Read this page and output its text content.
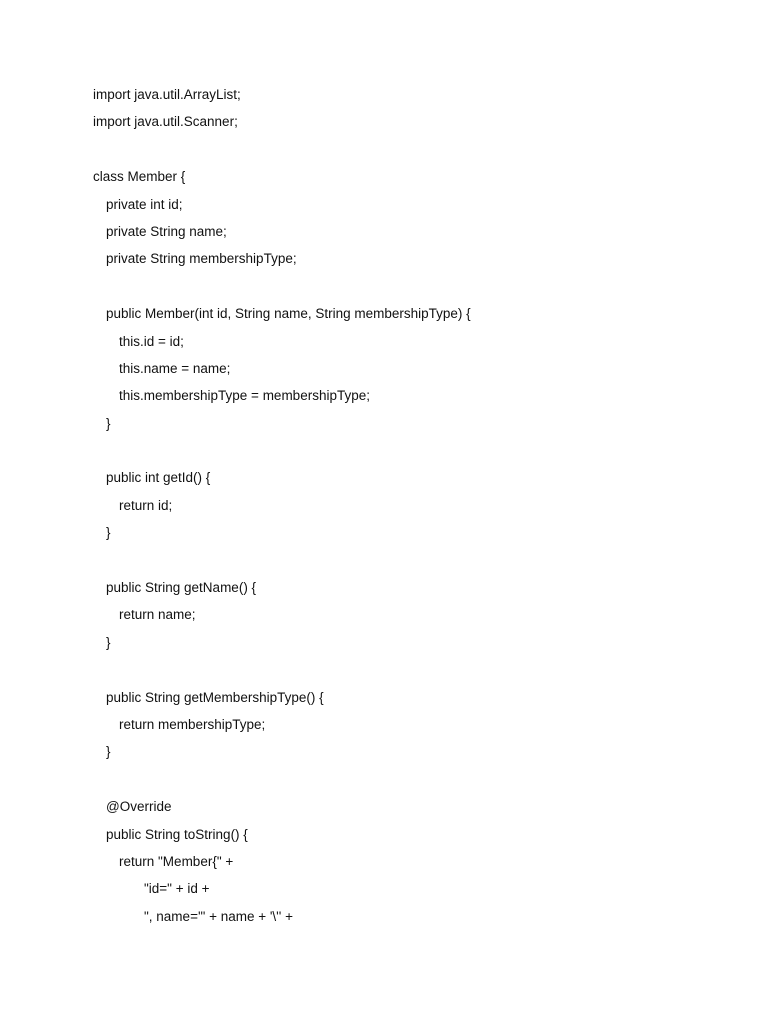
import java.util.ArrayList;
import java.util.Scanner;
class Member {
private int id;
private String name;
private String membershipType;
public Member(int id, String name, String membershipType) {
this.id = id;
this.name = name;
this.membershipType = membershipType;
}
public int getId() {
return id;
}
public String getName() {
return name;
}
public String getMembershipType() {
return membershipType;
}
@Override
public String toString() {
return "Member{" +
"id=" + id +
", name='" + name + '\'' +
